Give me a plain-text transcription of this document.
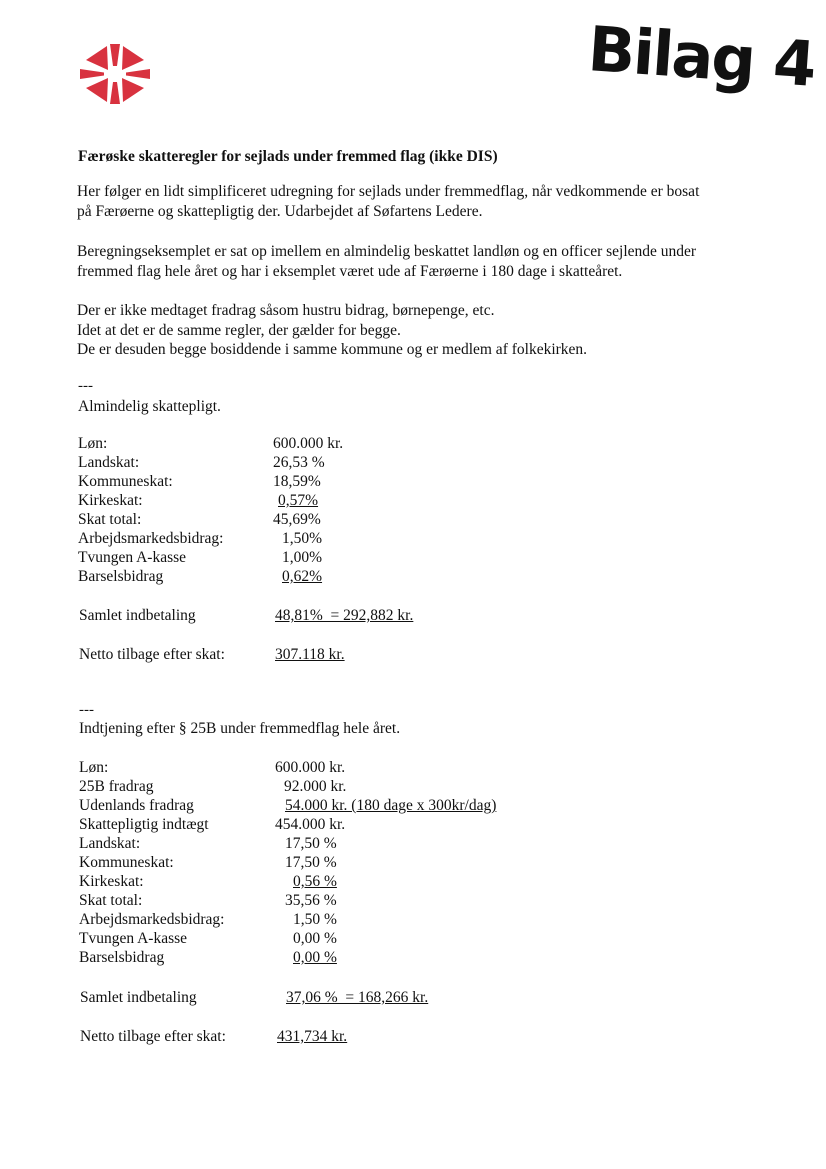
Bilag 4
Færøske skatteregler for sejlads under fremmed flag (ikke DIS)
Her følger en lidt simplificeret udregning for sejlads under fremmedflag, når vedkommende er bosat
på Færøerne og skattepligtig der. Udarbejdet af Søfartens Ledere.
Beregningseksemplet er sat op imellem en almindelig beskattet landløn og en officer sejlende under
fremmed flag hele året og har i eksemplet været ude af Færøerne i 180 dage i skatteåret.
Der er ikke medtaget fradrag såsom hustru bidrag, børnepenge, etc.
Idet at det er de samme regler, der gælder for begge.
De er desuden begge bosiddende i samme kommune og er medlem af folkekirken.
---
Almindelig skattepligt.
Løn:	600.000 kr.
Landskat:	26,53 %
Kommuneskat:	18,59%
Kirkeskat:	0,57%
Skat total:	45,69%
Arbejdsmarkedsbidrag:	1,50%
Tvungen A-kasse	1,00%
Barselsbidrag	0,62%
Samlet indbetaling	48,81%  = 292,882 kr.
Netto tilbage efter skat:	307.118 kr.
---
Indtjening efter § 25B under fremmedflag hele året.
Løn:	600.000 kr.
25B fradrag	92.000 kr.
Udenlands fradrag	54.000 kr. (180 dage x 300kr/dag)
Skattepligtig indtægt	454.000 kr.
Landskat:	17,50 %
Kommuneskat:	17,50 %
Kirkeskat:	0,56 %
Skat total:	35,56 %
Arbejdsmarkedsbidrag:	1,50 %
Tvungen A-kasse	0,00 %
Barselsbidrag	0,00 %
Samlet indbetaling	37,06 %  = 168,266 kr.
Netto tilbage efter skat:	431,734 kr.
